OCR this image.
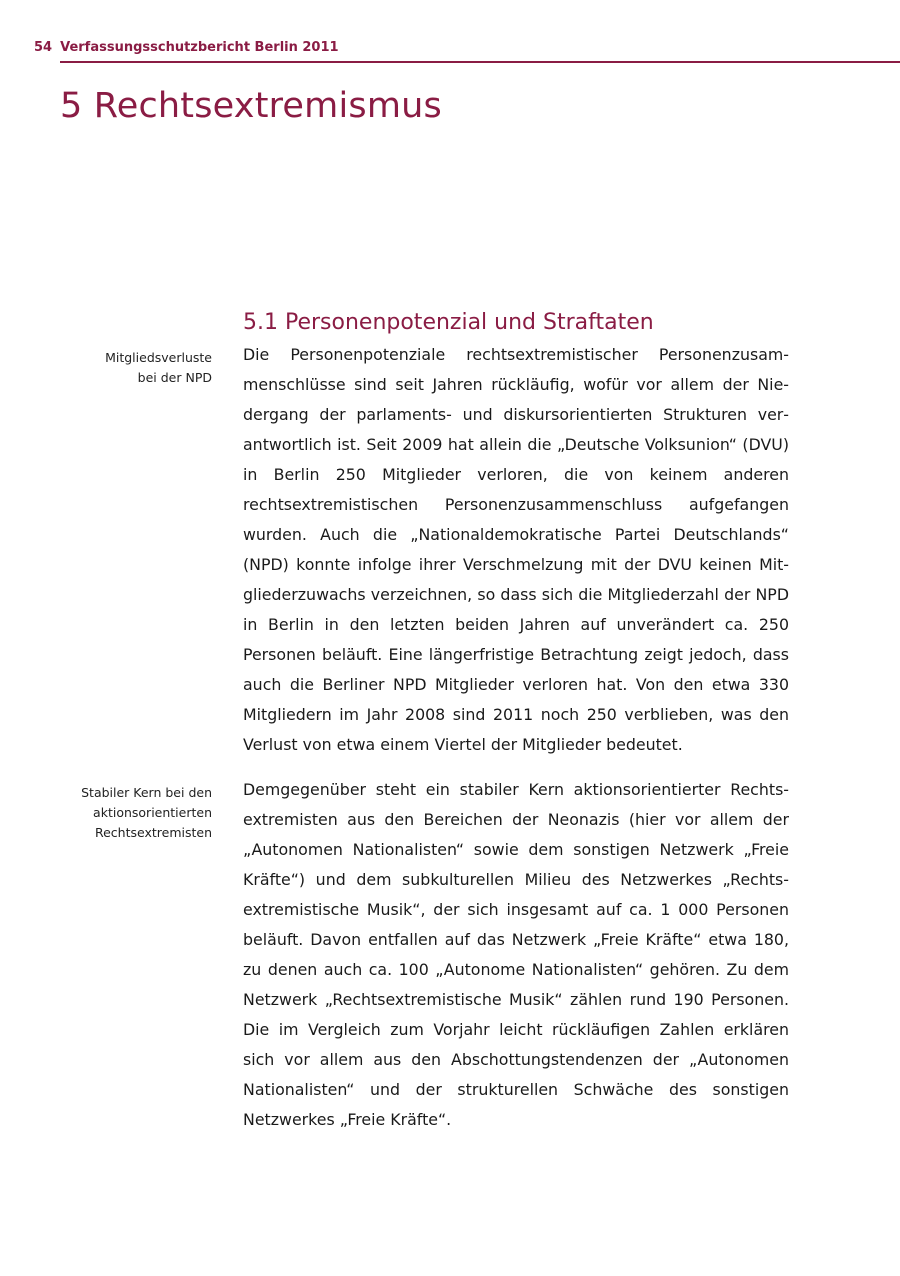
54 Verfassungsschutzbericht Berlin 2011
5 Rechtsextremismus
5.1 Personenpotenzial und Straftaten
Mitgliedsverluste
bei der NPD

Die Personenpotenziale rechtsextremistischer Personenzusammenschlüsse sind seit Jahren rückläufig, wofür vor allem der Niedergang der parlaments- und diskursorientierten Strukturen verantwortlich ist. Seit 2009 hat allein die „Deutsche Volksunion“ (DVU) in Berlin 250 Mitglieder verloren, die von keinem anderen rechtsextremistischen Personenzusammenschluss aufgefangen wurden. Auch die „Nationaldemokratische Partei Deutschlands“ (NPD) konnte infolge ihrer Verschmelzung mit der DVU keinen Mitgliederzuwachs verzeichnen, so dass sich die Mitgliederzahl der NPD in Berlin in den letzten beiden Jahren auf unverändert ca. 250 Personen beläuft. Eine längerfristige Betrachtung zeigt jedoch, dass auch die Berliner NPD Mitglieder verloren hat. Von den etwa 330 Mitgliedern im Jahr 2008 sind 2011 noch 250 verblieben, was den Verlust von etwa einem Viertel der Mitglieder bedeutet.

Stabiler Kern bei den
aktionsorientierten
Rechtsextremisten

Demgegenüber steht ein stabiler Kern aktionsorientierter Rechtsextremisten aus den Bereichen der Neonazis (hier vor allem der „Autonomen Nationalisten“ sowie dem sonstigen Netzwerk „Freie Kräfte“) und dem subkulturellen Milieu des Netzwerkes „Rechtsextremistische Musik“, der sich insgesamt auf ca. 1 000 Personen beläuft. Davon entfallen auf das Netzwerk „Freie Kräfte“ etwa 180, zu denen auch ca. 100 „Autonome Nationalisten“ gehören. Zu dem Netzwerk „Rechtsextremistische Musik“ zählen rund 190 Personen. Die im Vergleich zum Vorjahr leicht rückläufigen Zahlen erklären sich vor allem aus den Abschottungstendenzen der „Autonomen Nationalisten“ und der strukturellen Schwäche des sonstigen Netzwerkes „Freie Kräfte“.
